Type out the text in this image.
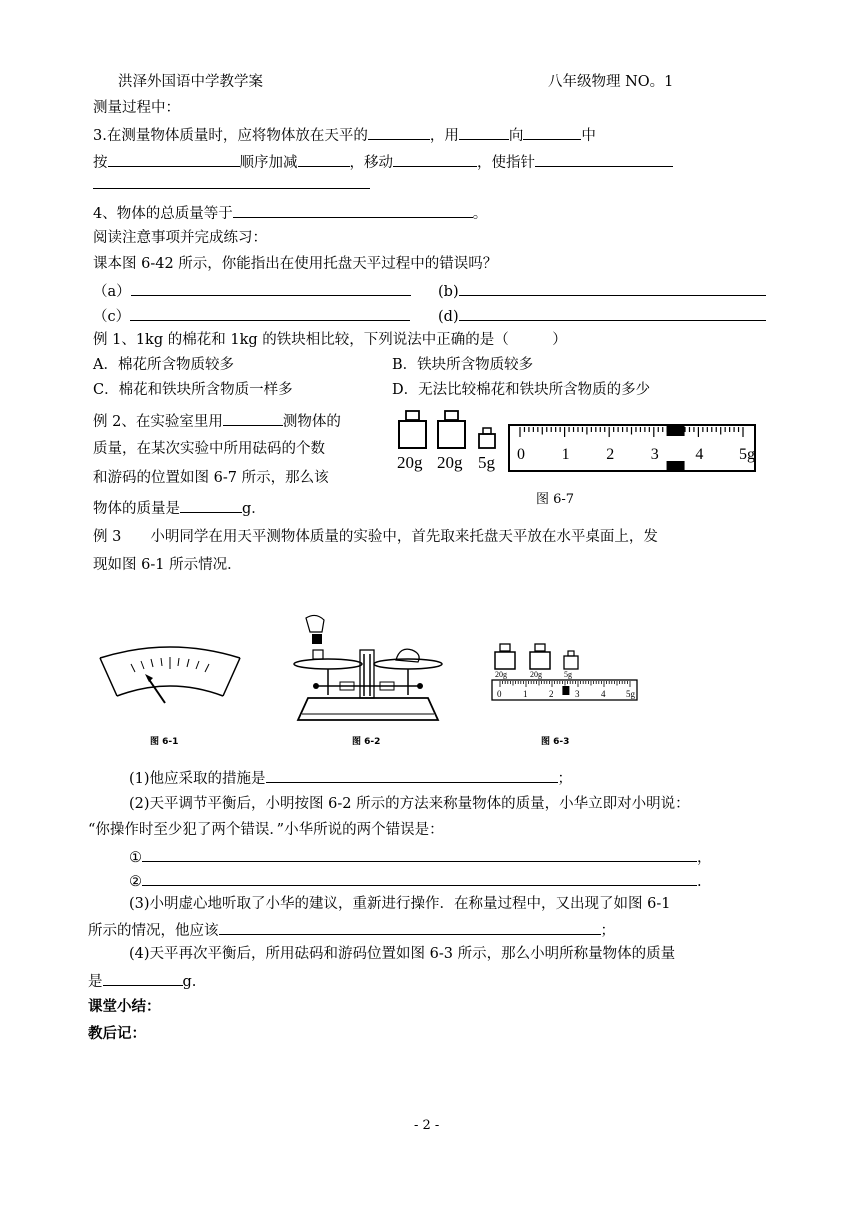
洪泽外国语中学教学案	八年级物理 NO。1
测量过程中：
3.在测量物体质量时，应将物体放在天平的	，用	向	中
按	顺序加减	，移动	，使指针
4、物体的总质量等于	。
阅读注意事项并完成练习：
课本图 6-42 所示，你能指出在使用托盘天平过程中的错误吗？
（a）	(b)
（c）	(d)
例 1、1kg 的棉花和 1kg 的铁块相比较，下列说法中正确的是（　　　）
A．棉花所含物质较多	B．铁块所含物质较多
C．棉花和铁块所含物质一样多	D．无法比较棉花和铁块所含物质的多少
例 2、在实验室里用	测物体的
质量，在某次实验中所用砝码的个数
和游码的位置如图 6-7 所示，那么该
物体的质量是	g．
20g 20g 5g 0 1 2 3 4 5g
图 6-7
例 3　　小明同学在用天平测物体质量的实验中，首先取来托盘天平放在水平桌面上，发
现如图 6-1 所示情况．
20g	20g	5g
0 1 2 3 4 5g
图 6-1	图 6-2	图 6-3
(1)他应采取的措施是	；
(2)天平调节平衡后，小明按图 6-2 所示的方法来称量物体的质量，小华立即对小明说：
“你操作时至少犯了两个错误．”小华所说的两个错误是：
①	，
②	.
(3)小明虚心地听取了小华的建议，重新进行操作．在称量过程中，又出现了如图 6-1
所示的情况，他应该	；
(4)天平再次平衡后，所用砝码和游码位置如图 6-3 所示，那么小明所称量物体的质量
是	g.
课堂小结：
教后记：
- 2 -
